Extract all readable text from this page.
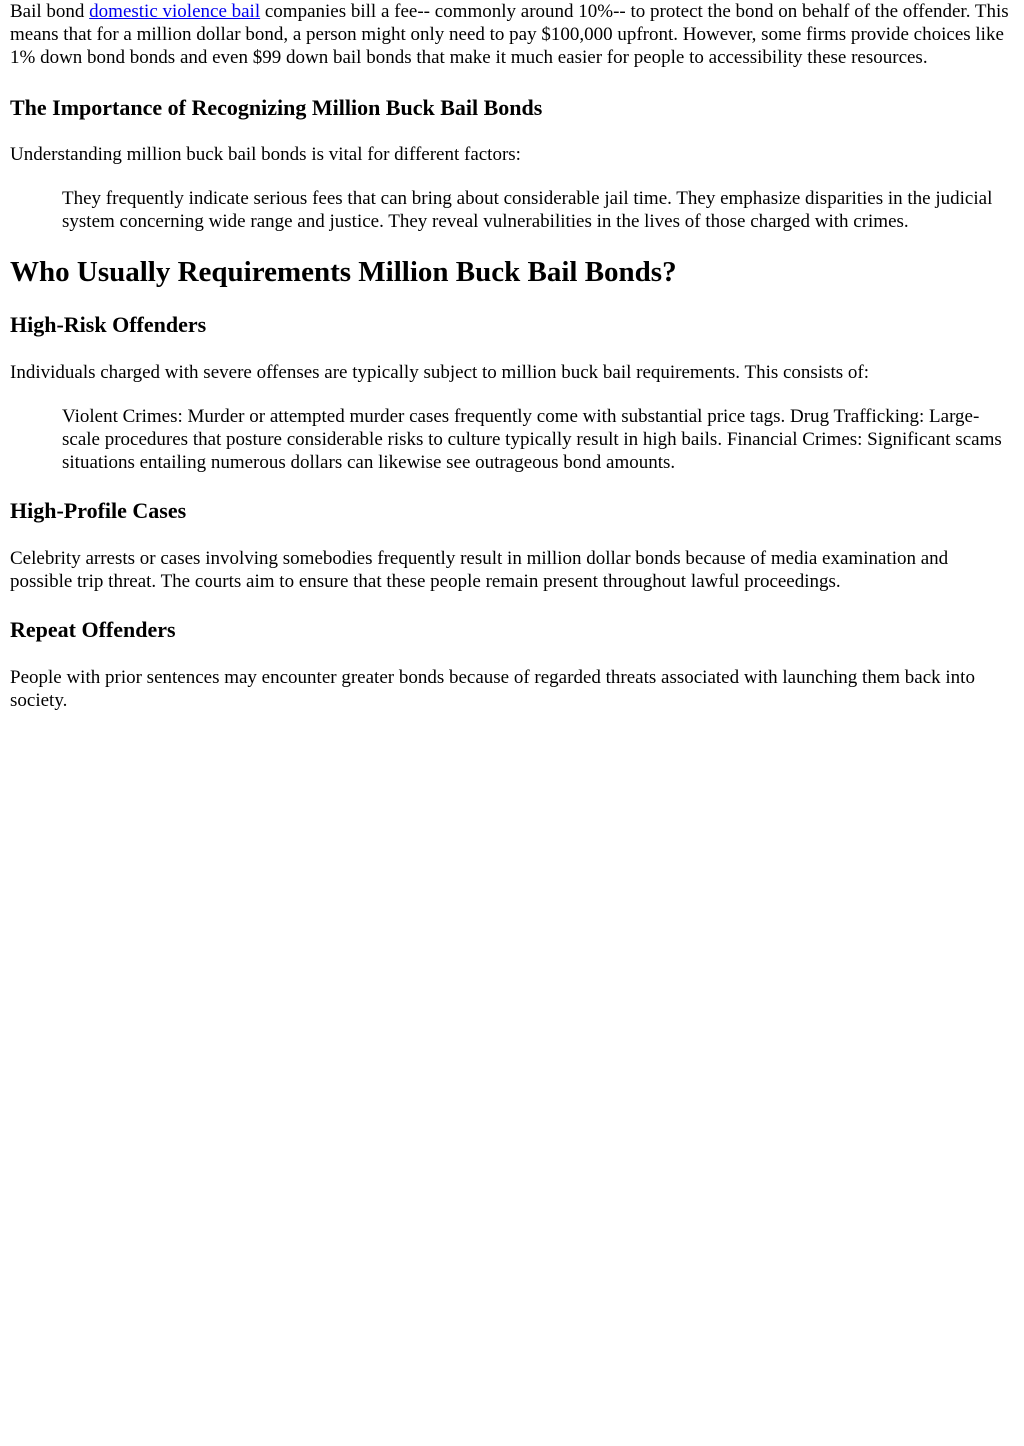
Bail bond domestic violence bail companies bill a fee-- commonly around 10%-- to protect the bond on behalf of the offender. This means that for a million dollar bond, a person might only need to pay $100,000 upfront. However, some firms provide choices like 1% down bond bonds and even $99 down bail bonds that make it much easier for people to accessibility these resources.

The Importance of Recognizing Million Buck Bail Bonds

Understanding million buck bail bonds is vital for different factors:

They frequently indicate serious fees that can bring about considerable jail time. They emphasize disparities in the judicial system concerning wide range and justice. They reveal vulnerabilities in the lives of those charged with crimes.
Who Usually Requirements Million Buck Bail Bonds?
High-Risk Offenders

Individuals charged with severe offenses are typically subject to million buck bail requirements. This consists of:

Violent Crimes: Murder or attempted murder cases frequently come with substantial price tags. Drug Trafficking: Large-scale procedures that posture considerable risks to culture typically result in high bails. Financial Crimes: Significant scams situations entailing numerous dollars can likewise see outrageous bond amounts.
High-Profile Cases

Celebrity arrests or cases involving somebodies frequently result in million dollar bonds because of media examination and possible trip threat. The courts aim to ensure that these people remain present throughout lawful proceedings.

Repeat Offenders

People with prior sentences may encounter greater bonds because of regarded threats associated with launching them back into society.
